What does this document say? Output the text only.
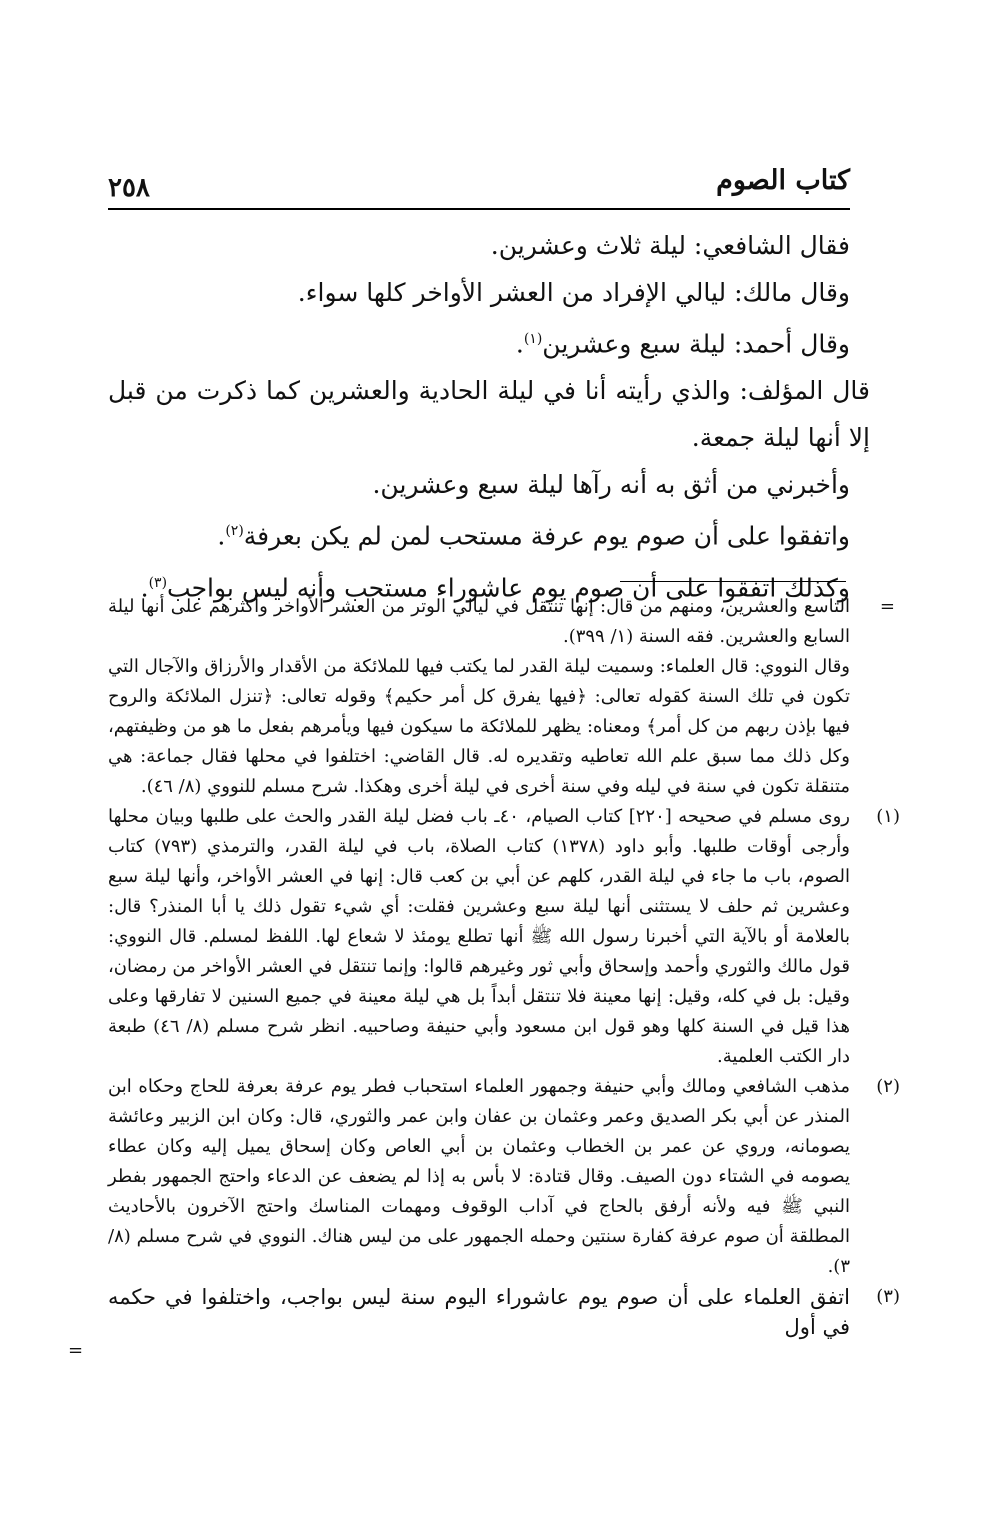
كتاب الصوم
٢٥٨

فقال الشافعي: ليلة ثلاث وعشرين.

وقال مالك: ليالي الإفراد من العشر الأواخر كلها سواء.

وقال أحمد: ليلة سبع وعشرين$^{(١)}$.

قال المؤلف: والذي رأيته أنا في ليلة الحادية والعشرين كما ذكرت من قبل إلا أنها ليلة جمعة.

وأخبرني من أثق به أنه رآها ليلة سبع وعشرين.

واتفقوا على أن صوم يوم عرفة مستحب لمن لم يكن بعرفة$^{(٢)}$.

وكذلك اتفقوا على أن صوم يوم عاشوراء مستحب وأنه ليس بواجب$^{(٣)}$.

=

التاسع والعشرين، ومنهم من قال: إنها تنتقل في ليالي الوتر من العشر الأواخر وأكثرهم على أنها ليلة السابع والعشرين. فقه السنة (١/ ٣٩٩).

وقال النووي: قال العلماء: وسميت ليلة القدر لما يكتب فيها للملائكة من الأقدار والأرزاق والآجال التي تكون في تلك السنة كقوله تعالى: ﴿فيها يفرق كل أمر حكيم﴾ وقوله تعالى: ﴿تنزل الملائكة والروح فيها بإذن ربهم من كل أمر﴾ ومعناه: يظهر للملائكة ما سيكون فيها ويأمرهم بفعل ما هو من وظيفتهم، وكل ذلك مما سبق علم الله تعاطيه وتقديره له. قال القاضي: اختلفوا في محلها فقال جماعة: هي متنقلة تكون في سنة في ليله وفي سنة أخرى في ليلة أخرى وهكذا. شرح مسلم للنووي (٨/ ٤٦).

(١)

روى مسلم في صحيحه [٢٢٠] كتاب الصيام، ٤٠ـ باب فضل ليلة القدر والحث على طلبها وبيان محلها وأرجى أوقات طلبها. وأبو داود (١٣٧٨) كتاب الصلاة، باب في ليلة القدر، والترمذي (٧٩٣) كتاب الصوم، باب ما جاء في ليلة القدر، كلهم عن أبي بن كعب قال: إنها في العشر الأواخر، وأنها ليلة سبع وعشرين ثم حلف لا يستثنى أنها ليلة سبع وعشرين فقلت: أي شيء تقول ذلك يا أبا المنذر؟ قال: بالعلامة أو بالآية التي أخبرنا رسول الله ﷺ أنها تطلع يومئذ لا شعاع لها. اللفظ لمسلم. قال النووي: قول مالك والثوري وأحمد وإسحاق وأبي ثور وغيرهم قالوا: وإنما تنتقل في العشر الأواخر من رمضان، وقيل: بل في كله، وقيل: إنها معينة فلا تنتقل أبداً بل هي ليلة معينة في جميع السنين لا تفارقها وعلى هذا قيل في السنة كلها وهو قول ابن مسعود وأبي حنيفة وصاحبيه. انظر شرح مسلم (٨/ ٤٦) طبعة دار الكتب العلمية.

(٢)

مذهب الشافعي ومالك وأبي حنيفة وجمهور العلماء استحباب فطر يوم عرفة بعرفة للحاج وحكاه ابن المنذر عن أبي بكر الصديق وعمر وعثمان بن عفان وابن عمر والثوري، قال: وكان ابن الزبير وعائشة يصومانه، وروي عن عمر بن الخطاب وعثمان بن أبي العاص وكان إسحاق يميل إليه وكان عطاء يصومه في الشتاء دون الصيف. وقال قتادة: لا بأس به إذا لم يضعف عن الدعاء واحتج الجمهور بفطر النبي ﷺ فيه ولأنه أرفق بالحاج في آداب الوقوف ومهمات المناسك واحتج الآخرون بالأحاديث المطلقة أن صوم عرفة كفارة سنتين وحمله الجمهور على من ليس هناك. النووي في شرح مسلم (٨/ ٣).

(٣)

اتفق العلماء على أن صوم يوم عاشوراء اليوم سنة ليس بواجب، واختلفوا في حكمه في أول

=
